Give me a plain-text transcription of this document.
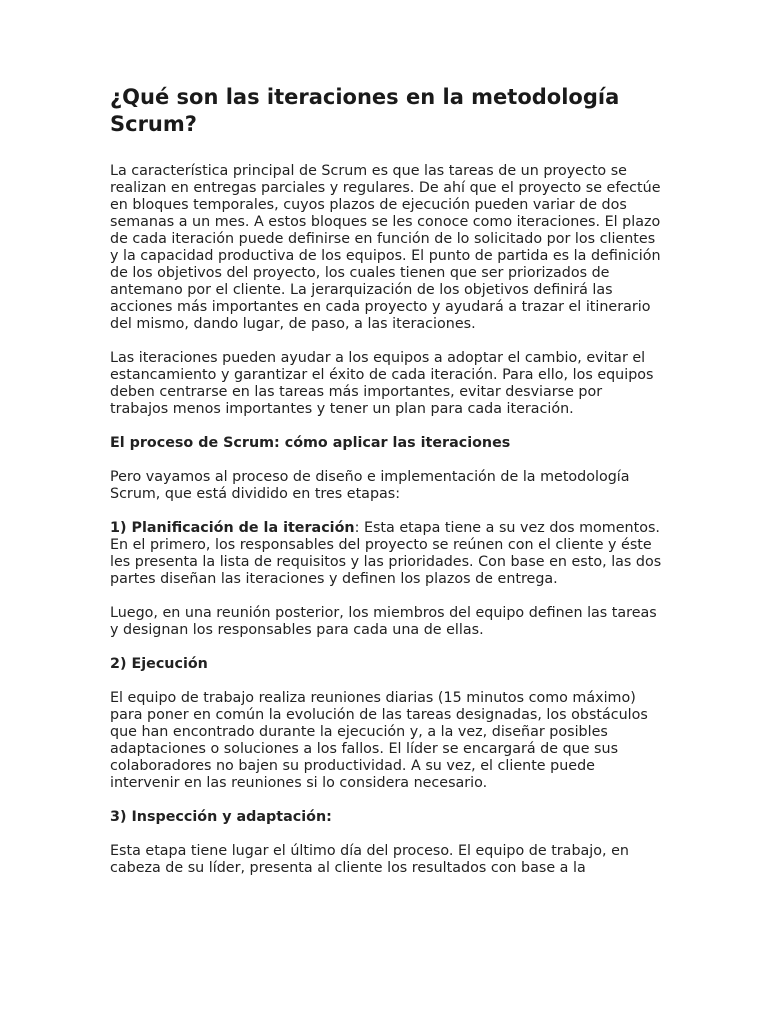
¿Qué son las iteraciones en la metodología Scrum?

La característica principal de Scrum es que las tareas de un proyecto se realizan en entregas parciales y regulares. De ahí que el proyecto se efectúe en bloques temporales, cuyos plazos de ejecución pueden variar de dos semanas a un mes. A estos bloques se les conoce como iteraciones. El plazo de cada iteración puede definirse en función de lo solicitado por los clientes y la capacidad productiva de los equipos. El punto de partida es la definición de los objetivos del proyecto, los cuales tienen que ser priorizados de antemano por el cliente. La jerarquización de los objetivos definirá las acciones más importantes en cada proyecto y ayudará a trazar el itinerario del mismo, dando lugar, de paso, a las iteraciones.

Las iteraciones pueden ayudar a los equipos a adoptar el cambio, evitar el estancamiento y garantizar el éxito de cada iteración. Para ello, los equipos deben centrarse en las tareas más importantes, evitar desviarse por trabajos menos importantes y tener un plan para cada iteración.

El proceso de Scrum: cómo aplicar las iteraciones

Pero vayamos al proceso de diseño e implementación de la metodología Scrum, que está dividido en tres etapas:

1) Planificación de la iteración: Esta etapa tiene a su vez dos momentos. En el primero, los responsables del proyecto se reúnen con el cliente y éste les presenta la lista de requisitos y las prioridades. Con base en esto, las dos partes diseñan las iteraciones y definen los plazos de entrega.

Luego, en una reunión posterior, los miembros del equipo definen las tareas y designan los responsables para cada una de ellas.

2) Ejecución

El equipo de trabajo realiza reuniones diarias (15 minutos como máximo) para poner en común la evolución de las tareas designadas, los obstáculos que han encontrado durante la ejecución y, a la vez, diseñar posibles adaptaciones o soluciones a los fallos. El líder se encargará de que sus colaboradores no bajen su productividad. A su vez, el cliente puede intervenir en las reuniones si lo considera necesario.

3) Inspección y adaptación:

Esta etapa tiene lugar el último día del proceso. El equipo de trabajo, en cabeza de su líder, presenta al cliente los resultados con base a la
